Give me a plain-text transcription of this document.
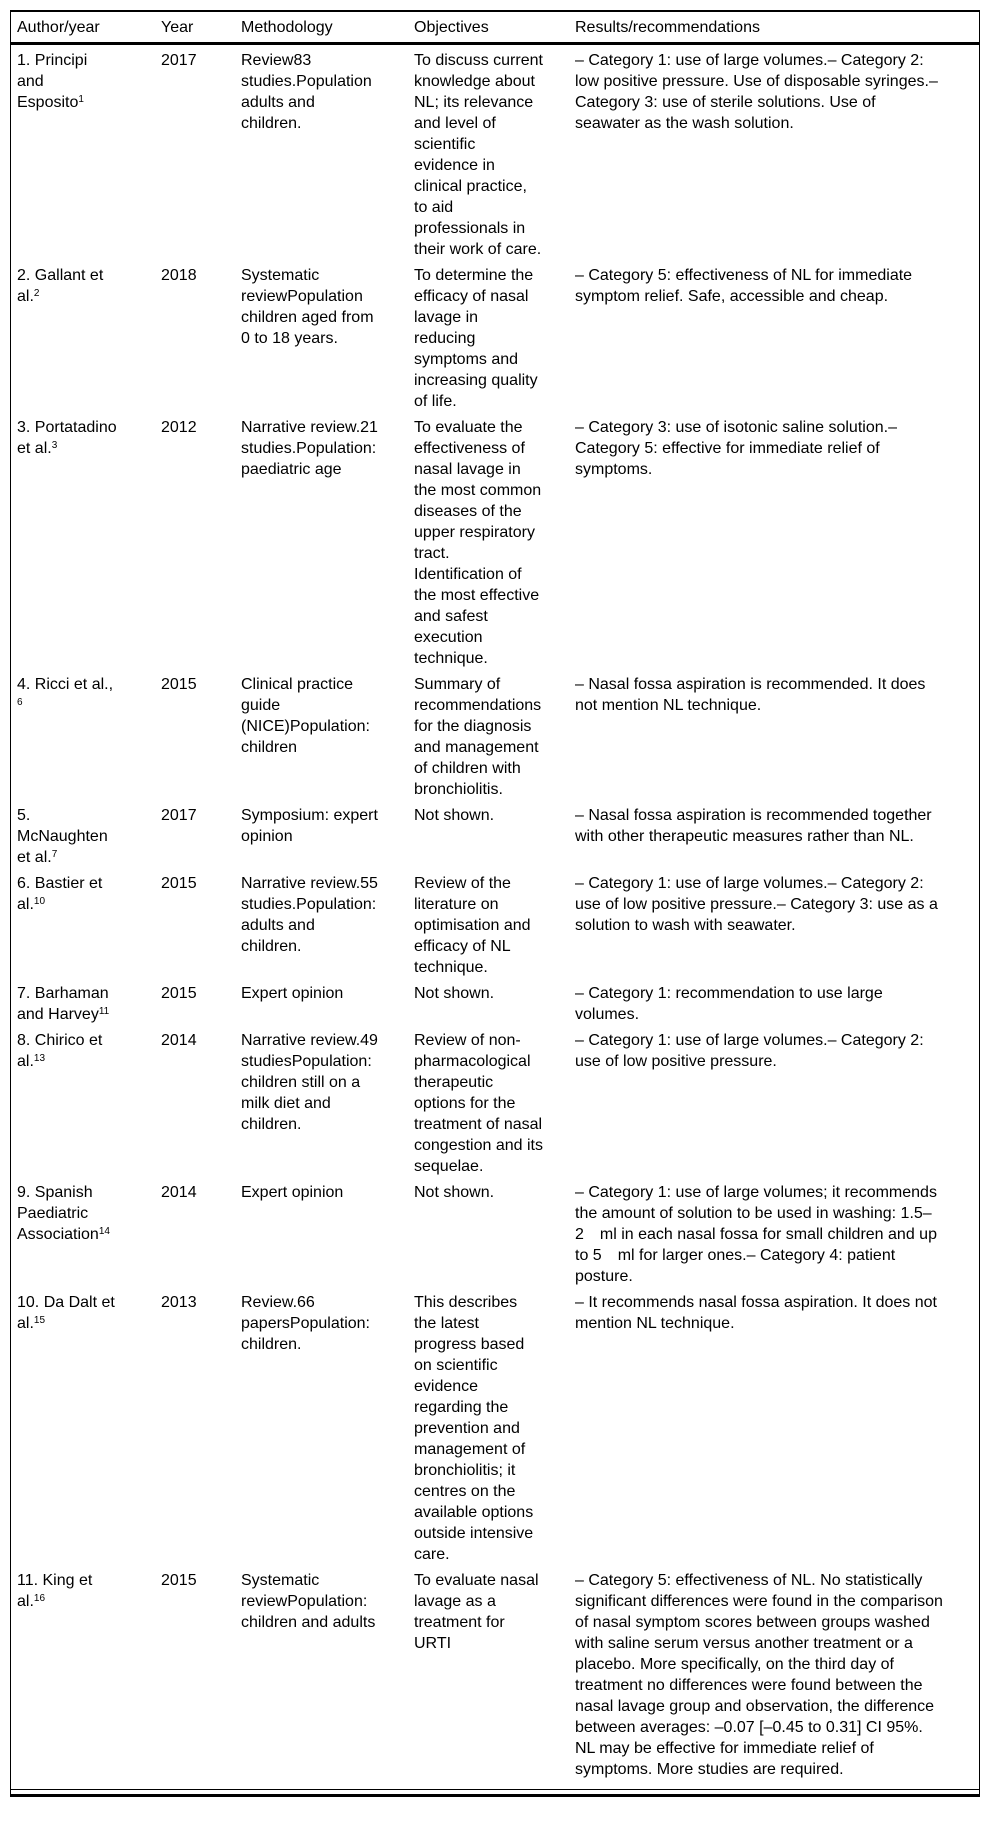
Author/year	Year	Methodology	Objectives	Results/recommendations

1. Principi
and
Esposito$^1$	2017	Review83 studies.Population adults and children.	To discuss current knowledge about NL; its relevance and level of scientific evidence in clinical practice, to aid professionals in their work of care.	– Category 1: use of large volumes.– Category 2: low positive pressure. Use of disposable syringes.– Category 3: use of sterile solutions. Use of seawater as the wash solution.

2. Gallant et
al.$^2$	2018	Systematic reviewPopulation children aged from 0 to 18 years.	To determine the efficacy of nasal lavage in reducing symptoms and increasing quality of life.	– Category 5: effectiveness of NL for immediate symptom relief. Safe, accessible and cheap.

3. Portatadino
et al.$^3$	2012	Narrative review.21 studies.Population: paediatric age	To evaluate the effectiveness of nasal lavage in the most common diseases of the upper respiratory tract. Identification of the most effective and safest execution technique.	– Category 3: use of isotonic saline solution.– Category 5: effective for immediate relief of symptoms.

4. Ricci et al.,
$^6$	2015	Clinical practice guide (NICE)Population: children	Summary of recommendations for the diagnosis and management of children with bronchiolitis.	– Nasal fossa aspiration is recommended. It does not mention NL technique.

5.
McNaughten
et al.$^7$	2017	Symposium: expert opinion	Not shown.	– Nasal fossa aspiration is recommended together with other therapeutic measures rather than NL.

6. Bastier et
al.$^{10}$	2015	Narrative review.55 studies.Population: adults and children.	Review of the literature on optimisation and efficacy of NL technique.	– Category 1: use of large volumes.– Category 2: use of low positive pressure.– Category 3: use as a solution to wash with seawater.

7. Barhaman
and Harvey$^{11}$	2015	Expert opinion	Not shown.	– Category 1: recommendation to use large volumes.

8. Chirico et
al.$^{13}$	2014	Narrative review.49 studiesPopulation: children still on a milk diet and children.	Review of non-pharmacological therapeutic options for the treatment of nasal congestion and its sequelae.	– Category 1: use of large volumes.– Category 2: use of low positive pressure.

9. Spanish
Paediatric
Association$^{14}$
	2014	Expert opinion	Not shown.	– Category 1: use of large volumes; it recommends the amount of solution to be used in washing: 1.5–2  ml in each nasal fossa for small children and up to 5  ml for larger ones.– Category 4: patient posture.

10. Da Dalt et
al.$^{15}$	2013	Review.66 papersPopulation: children.	This describes the latest progress based on scientific evidence regarding the prevention and management of bronchiolitis; it centres on the available options outside intensive care.	– It recommends nasal fossa aspiration. It does not mention NL technique.

11. King et
al.$^{16}$	2015	Systematic reviewPopulation: children and adults	To evaluate nasal lavage as a treatment for URTI	– Category 5: effectiveness of NL. No statistically significant differences were found in the comparison of nasal symptom scores between groups washed with saline serum versus another treatment or a placebo. More specifically, on the third day of treatment no differences were found between the nasal lavage group and observation, the difference between averages: –0.07 [–0.45 to 0.31] CI 95%. NL may be effective for immediate relief of symptoms. More studies are required.
